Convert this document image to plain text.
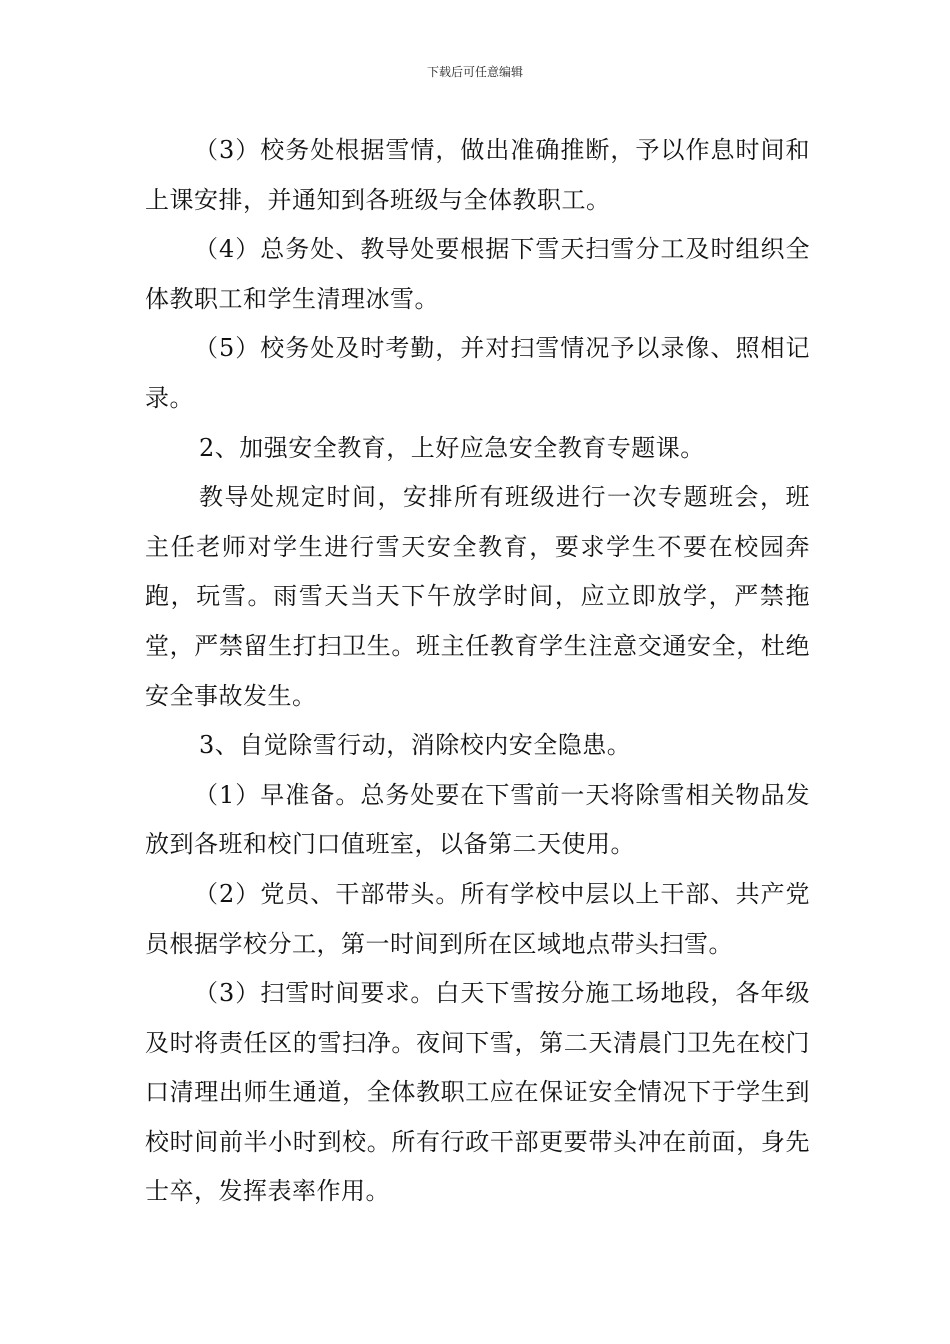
下载后可任意编辑

（3）校务处根据雪情，做出准确推断，予以作息时间和上课安排，并通知到各班级与全体教职工。

（4）总务处、教导处要根据下雪天扫雪分工及时组织全体教职工和学生清理冰雪。

（5）校务处及时考勤，并对扫雪情况予以录像、照相记录。

2、加强安全教育，上好应急安全教育专题课。

教导处规定时间，安排所有班级进行一次专题班会，班主任老师对学生进行雪天安全教育，要求学生不要在校园奔跑，玩雪。雨雪天当天下午放学时间，应立即放学，严禁拖堂，严禁留生打扫卫生。班主任教育学生注意交通安全，杜绝安全事故发生。

3、自觉除雪行动，消除校内安全隐患。

（1）早准备。总务处要在下雪前一天将除雪相关物品发放到各班和校门口值班室，以备第二天使用。

（2）党员、干部带头。所有学校中层以上干部、共产党员根据学校分工，第一时间到所在区域地点带头扫雪。

（3）扫雪时间要求。白天下雪按分施工场地段，各年级及时将责任区的雪扫净。夜间下雪，第二天清晨门卫先在校门口清理出师生通道，全体教职工应在保证安全情况下于学生到校时间前半小时到校。所有行政干部更要带头冲在前面，身先士卒，发挥表率作用。
